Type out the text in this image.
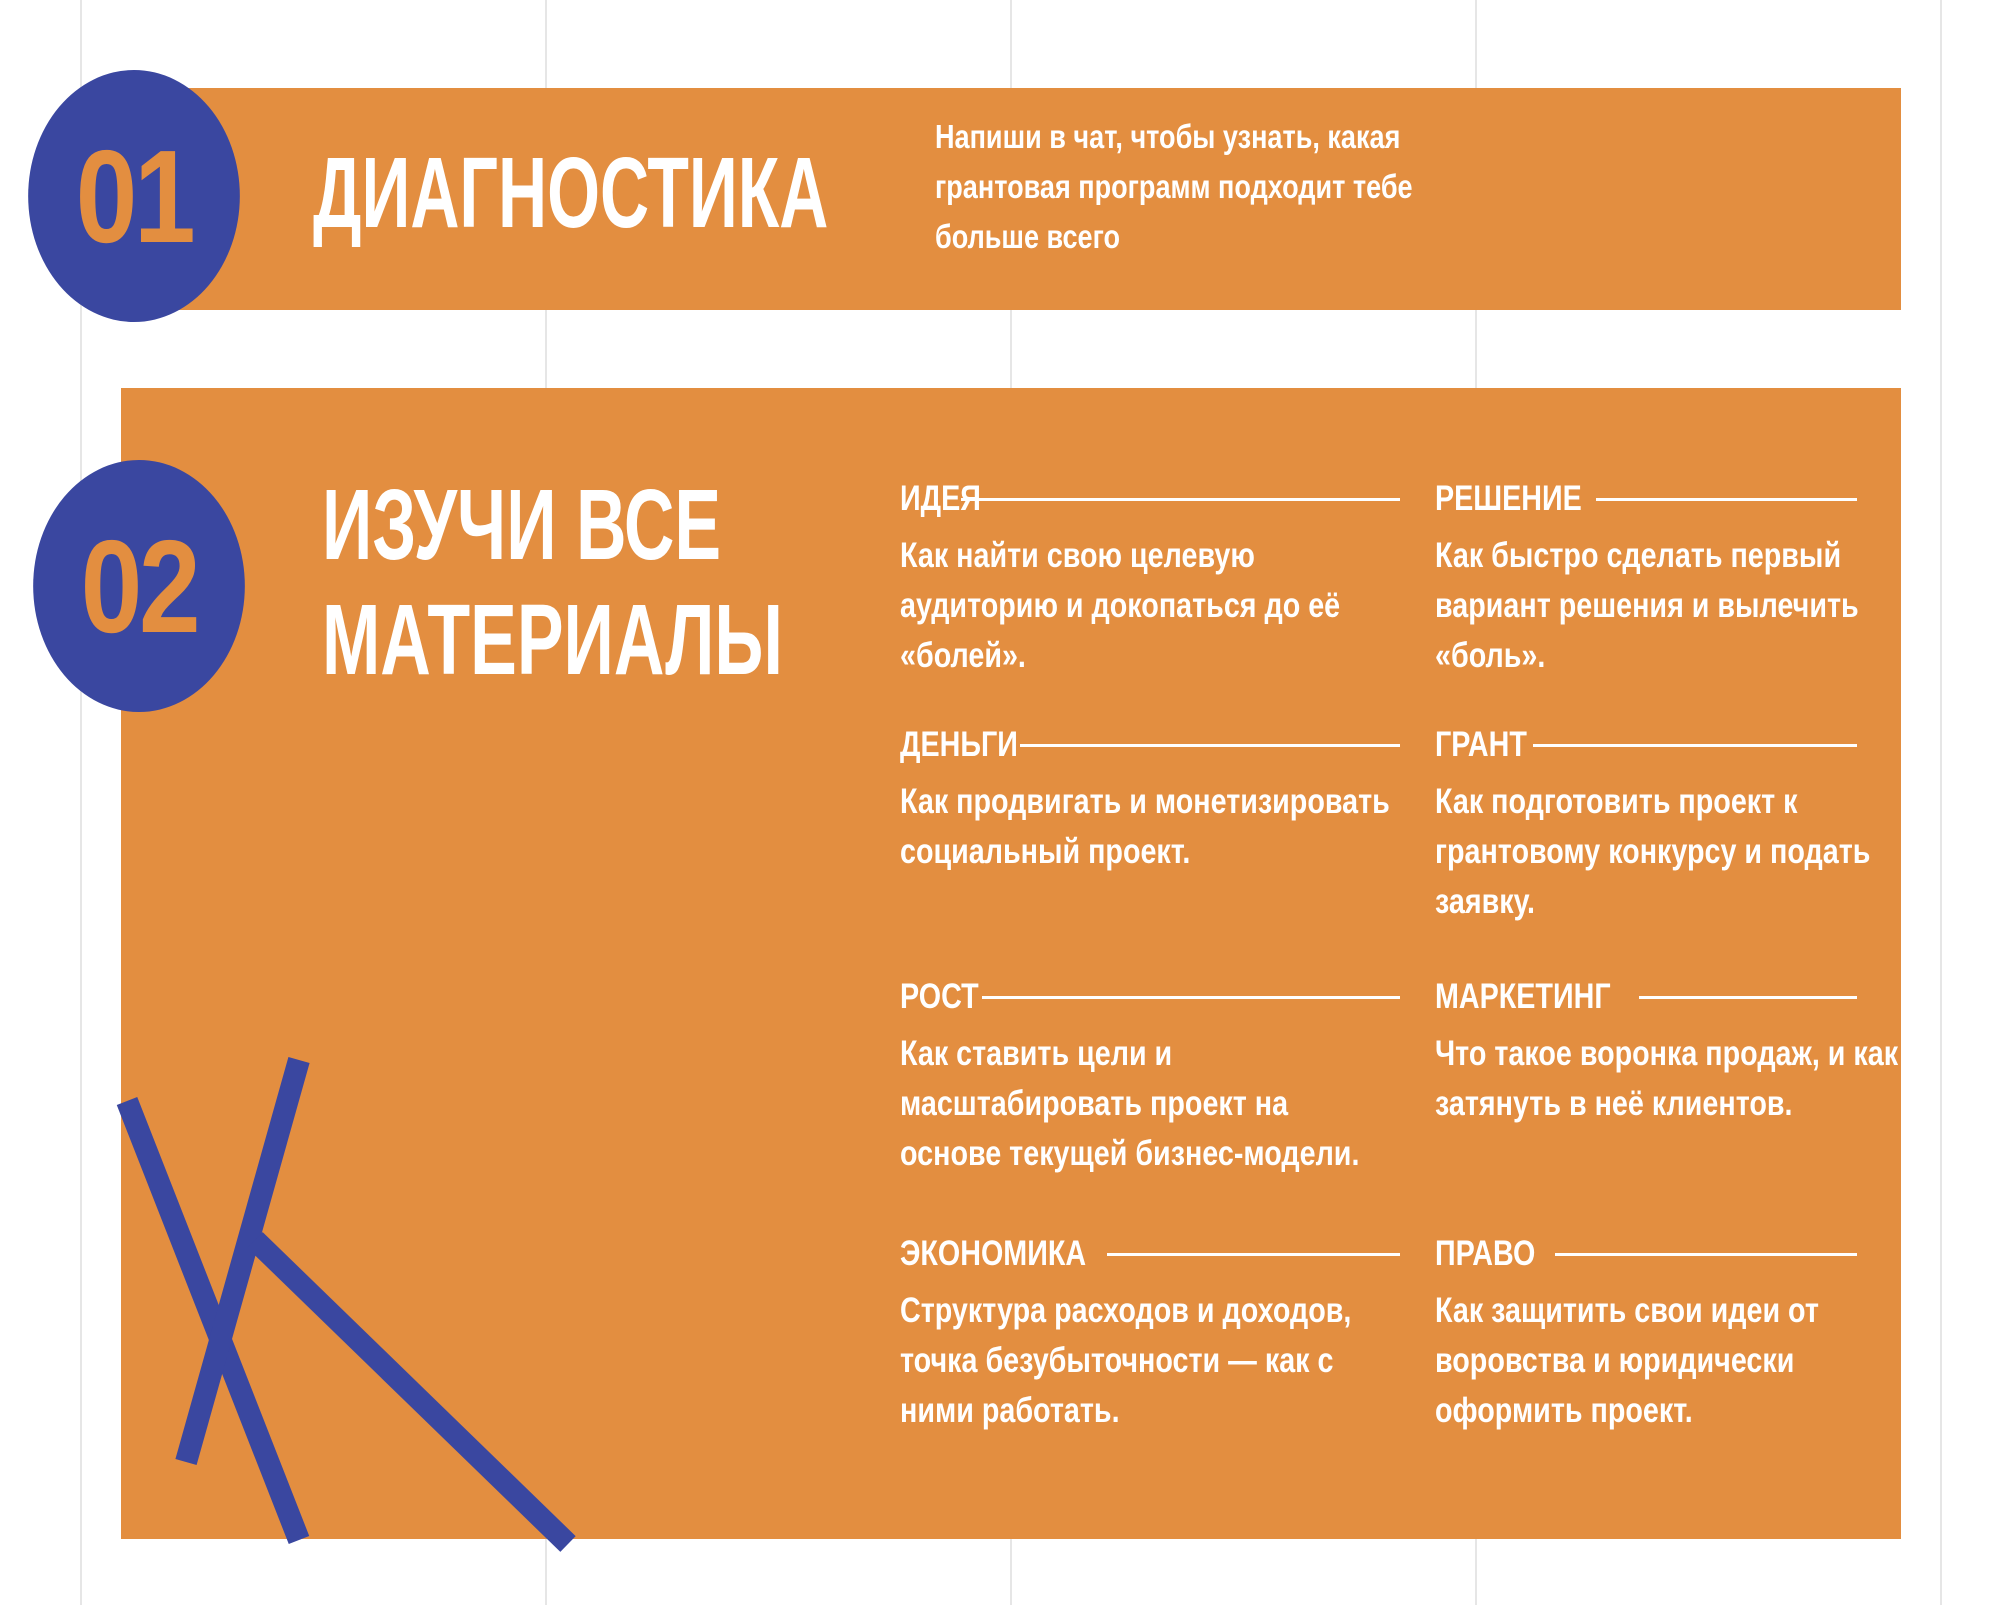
01	ДИАГНОСТИКА

Напиши в чат, чтобы узнать, какая грантовая программ подходит тебе больше всего

02	ИЗУЧИ ВСЕ
МАТЕРИАЛЫ
ИДЕЯ

Как найти свою целевую аудиторию и докопаться до её «болей».

ДЕНЬГИ

Как продвигать и монетизировать социальный проект.

РОСТ

Как ставить цели и масштабировать проект на основе текущей бизнес-модели.

ЭКОНОМИКА

Структура расходов и доходов, точка безубыточности — как с ними работать.

РЕШЕНИЕ

Как быстро сделать первый вариант решения и вылечить «боль».

ГРАНТ

Как подготовить проект к грантовому конкурсу и подать заявку.

МАРКЕТИНГ

Что такое воронка продаж, и как затянуть в неё клиентов.

ПРАВО

Как защитить свои идеи от воровства и юридически оформить проект.
